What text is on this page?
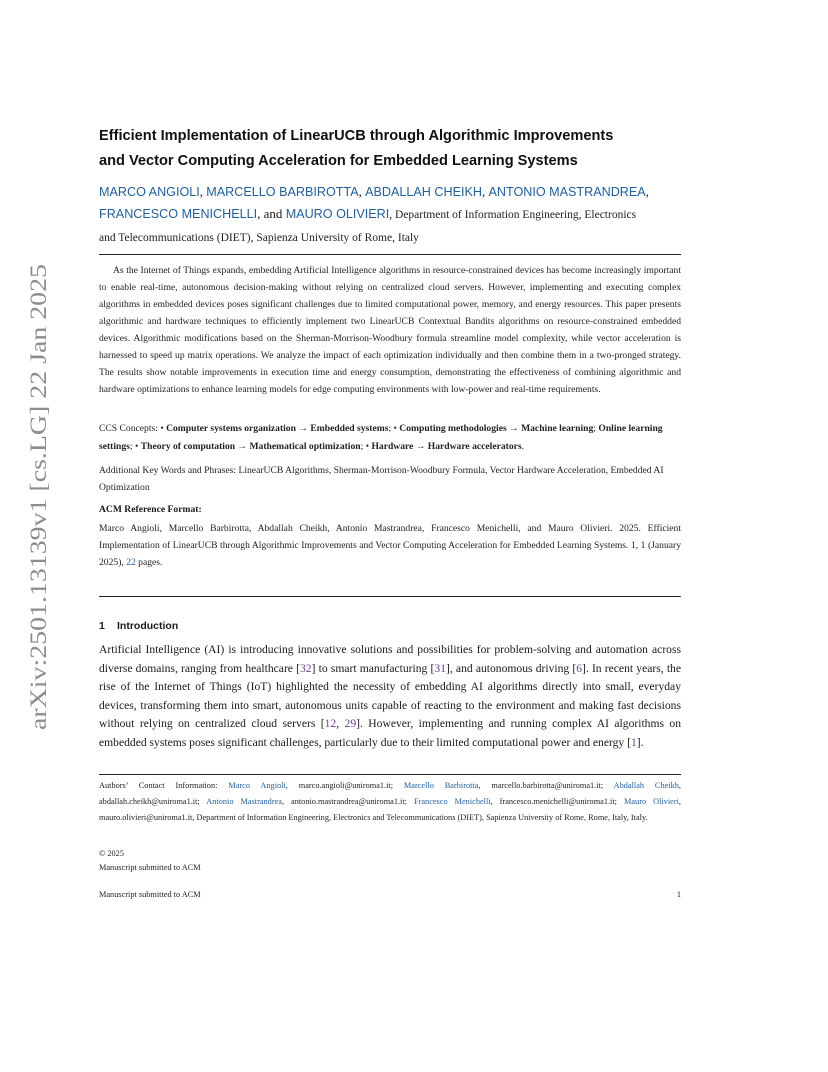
arXiv:2501.13139v1 [cs.LG] 22 Jan 2025
Efficient Implementation of LinearUCB through Algorithmic Improvements
and Vector Computing Acceleration for Embedded Learning Systems
MARCO ANGIOLI, MARCELLO BARBIROTTA, ABDALLAH CHEIKH, ANTONIO MASTRANDREA,
FRANCESCO MENICHELLI, and MAURO OLIVIERI, Department of Information Engineering, Electronics
and Telecommunications (DIET), Sapienza University of Rome, Italy
As the Internet of Things expands, embedding Artificial Intelligence algorithms in resource-constrained devices has become increasingly important to enable real-time, autonomous decision-making without relying on centralized cloud servers. However, implementing and executing complex algorithms in embedded devices poses significant challenges due to limited computational power, memory, and energy resources. This paper presents algorithmic and hardware techniques to efficiently implement two LinearUCB Contextual Bandits algorithms on resource-constrained embedded devices. Algorithmic modifications based on the Sherman-Morrison-Woodbury formula streamline model complexity, while vector acceleration is harnessed to speed up matrix operations. We analyze the impact of each optimization individually and then combine them in a two-pronged strategy. The results show notable improvements in execution time and energy consumption, demonstrating the effectiveness of combining algorithmic and hardware optimizations to enhance learning models for edge computing environments with low-power and real-time requirements.
CCS Concepts: • Computer systems organization → Embedded systems; • Computing methodologies → Machine learning; Online learning settings; • Theory of computation → Mathematical optimization; • Hardware → Hardware accelerators.
Additional Key Words and Phrases: LinearUCB Algorithms, Sherman-Morrison-Woodbury Formula, Vector Hardware Acceleration, Embedded AI Optimization
ACM Reference Format:
Marco Angioli, Marcello Barbirotta, Abdallah Cheikh, Antonio Mastrandrea, Francesco Menichelli, and Mauro Olivieri. 2025. Efficient Implementation of LinearUCB through Algorithmic Improvements and Vector Computing Acceleration for Embedded Learning Systems. 1, 1 (January 2025), 22 pages.
1 Introduction
Artificial Intelligence (AI) is introducing innovative solutions and possibilities for problem-solving and automation across diverse domains, ranging from healthcare [32] to smart manufacturing [31], and autonomous driving [6]. In recent years, the rise of the Internet of Things (IoT) highlighted the necessity of embedding AI algorithms directly into small, everyday devices, transforming them into smart, autonomous units capable of reacting to the environment and making fast decisions without relying on centralized cloud servers [12, 29]. However, implementing and running complex AI algorithms on embedded systems poses significant challenges, particularly due to their limited computational power and energy [1].
Authors’ Contact Information: Marco Angioli, marco.angioli@uniroma1.it; Marcello Barbirotta, marcello.barbirotta@uniroma1.it; Abdallah Cheikh, abdallah.cheikh@uniroma1.it; Antonio Mastrandrea, antonio.mastrandrea@uniroma1.it; Francesco Menichelli, francesco.menichelli@uniroma1.it; Mauro Olivieri, mauro.olivieri@uniroma1.it, Department of Information Engineering, Electronics and Telecommunications (DIET), Sapienza University of Rome, Rome, Italy, Italy.
© 2025
Manuscript submitted to ACM
Manuscript submitted to ACM	1
